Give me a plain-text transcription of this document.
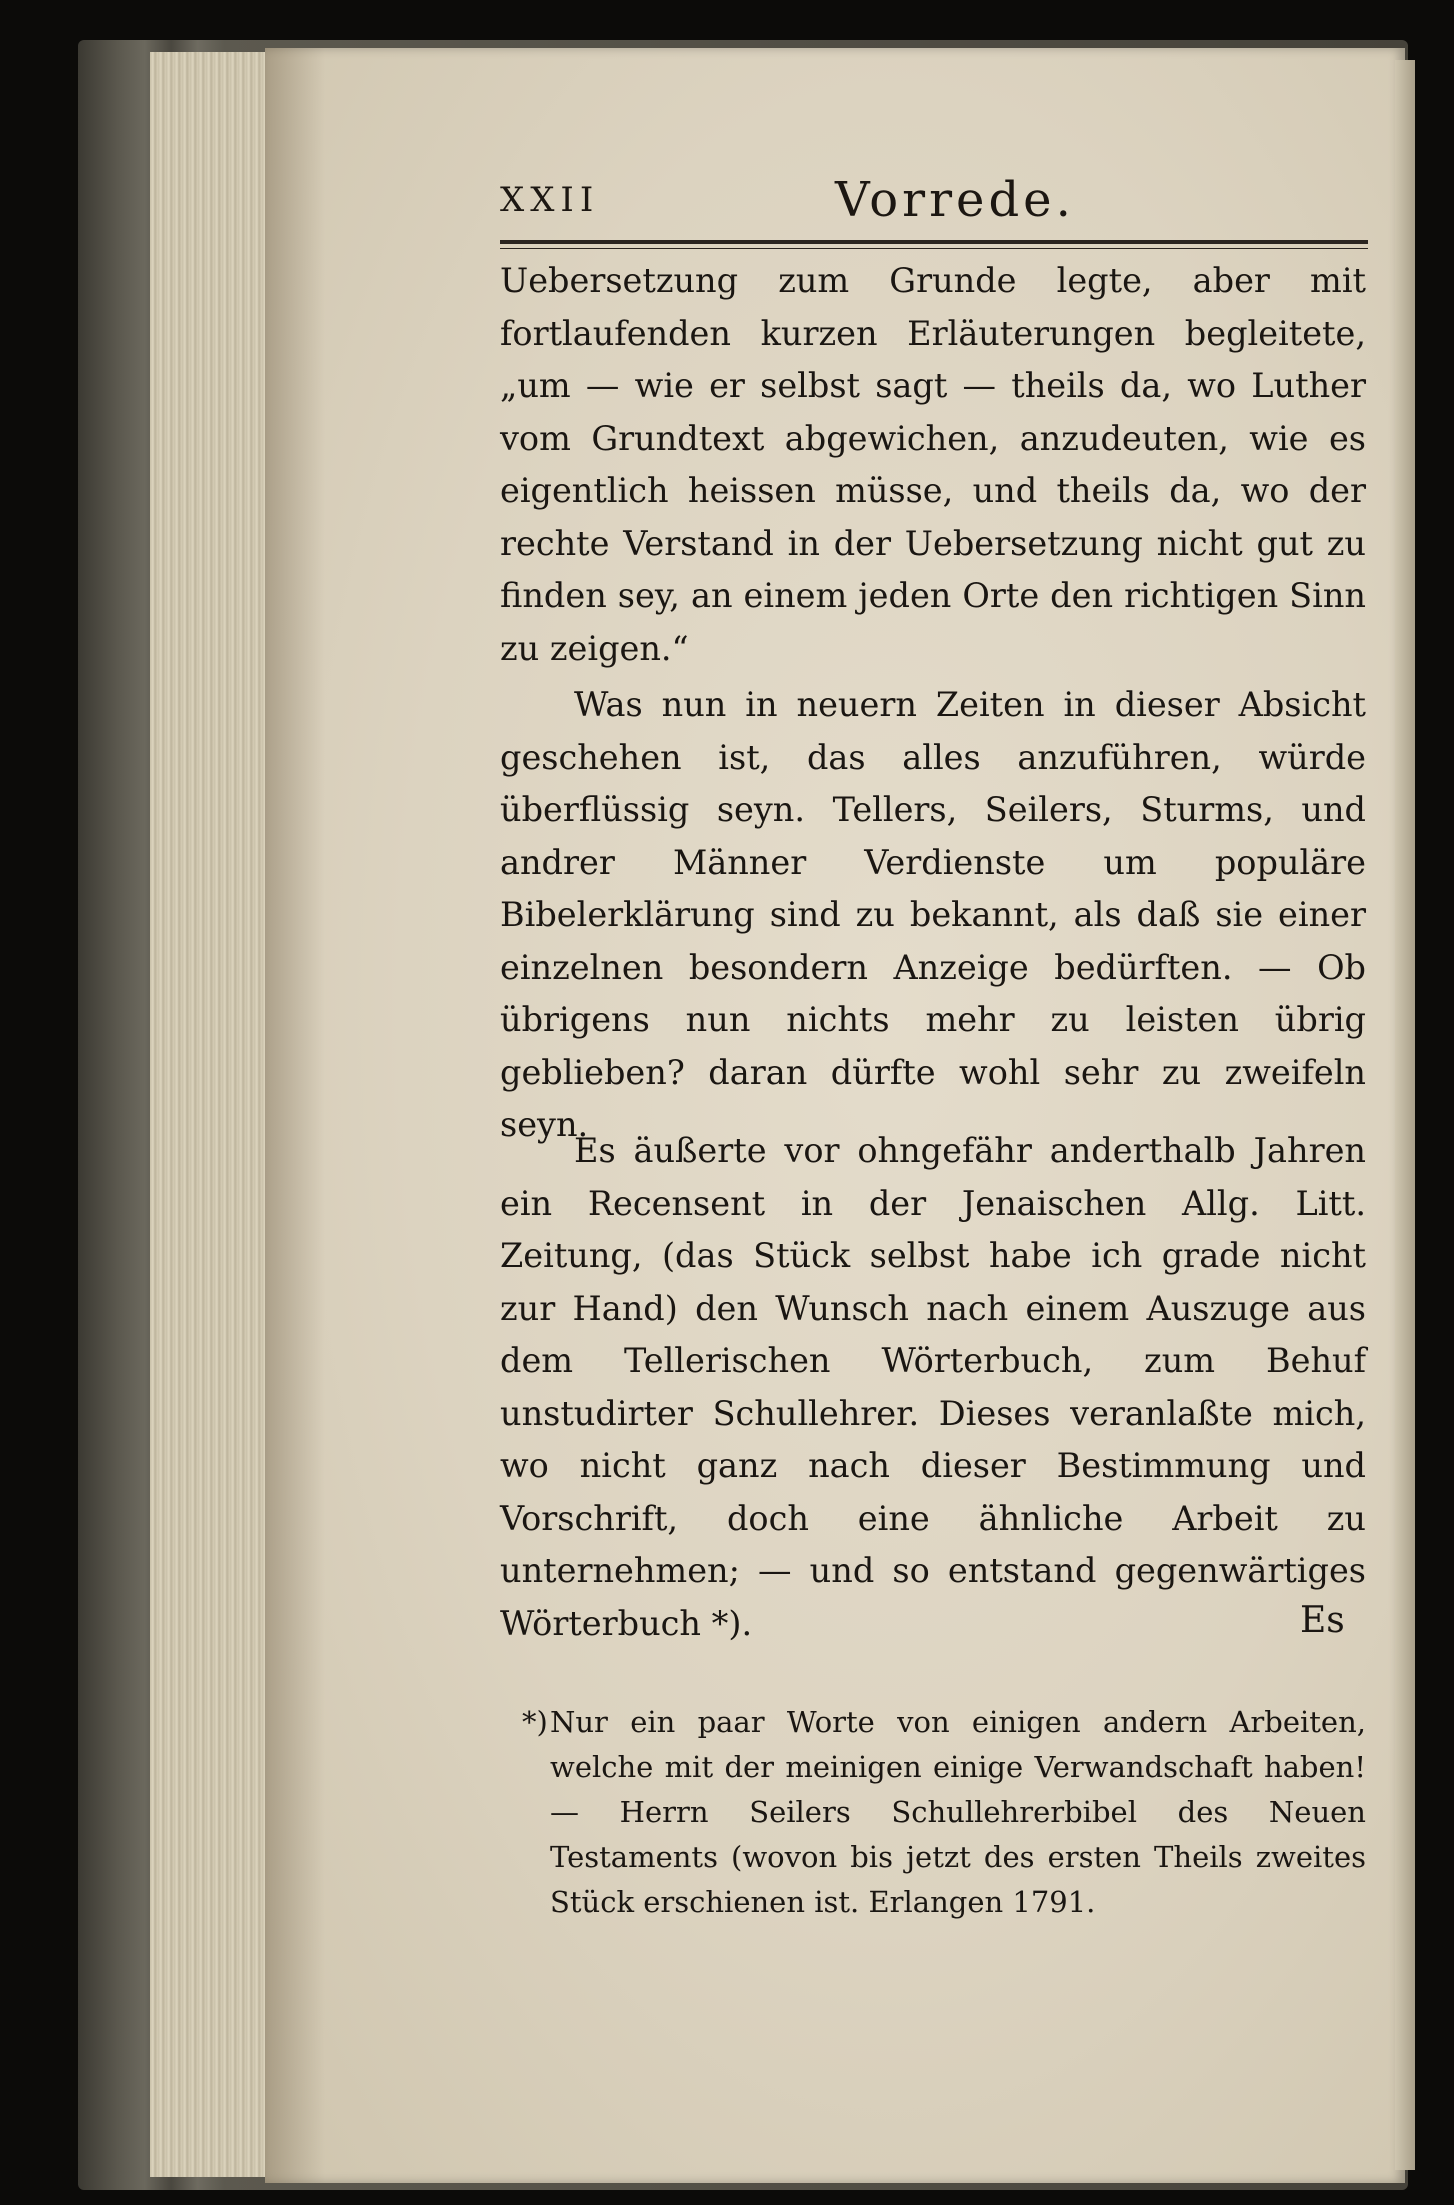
XXII	Vorrede.

Uebersetzung zum Grunde legte, aber mit fortlaufenden kurzen Erläuterungen begleitete, „um — wie er selbst sagt — theils da, wo Luther vom Grundtext abgewichen, anzudeuten, wie es eigentlich heissen müsse, und theils da, wo der rechte Verstand in der Uebersetzung nicht gut zu finden sey, an einem jeden Orte den richtigen Sinn zu zeigen.“

Was nun in neuern Zeiten in dieser Absicht geschehen ist, das alles anzuführen, würde überflüssig seyn. Tellers, Seilers, Sturms, und andrer Männer Verdienste um populäre Bibelerklärung sind zu bekannt, als daß sie einer einzelnen besondern Anzeige bedürften. — Ob übrigens nun nichts mehr zu leisten übrig geblieben? daran dürfte wohl sehr zu zweifeln seyn.

Es äußerte vor ohngefähr anderthalb Jahren ein Recensent in der Jenaischen Allg. Litt. Zeitung, (das Stück selbst habe ich grade nicht zur Hand) den Wunsch nach einem Auszuge aus dem Tellerischen Wörterbuch, zum Behuf unstudirter Schullehrer. Dieses veranlaßte mich, wo nicht ganz nach dieser Bestimmung und Vorschrift, doch eine ähnliche Arbeit zu unternehmen; — und so entstand gegenwärtiges Wörterbuch *).	Es
*) Nur ein paar Worte von einigen andern Arbeiten, welche mit der meinigen einige Verwandschaft haben! — Herrn Seilers Schullehrerbibel des Neuen Testaments (wovon bis jetzt des ersten Theils zweites Stück erschienen ist. Erlangen 1791.
